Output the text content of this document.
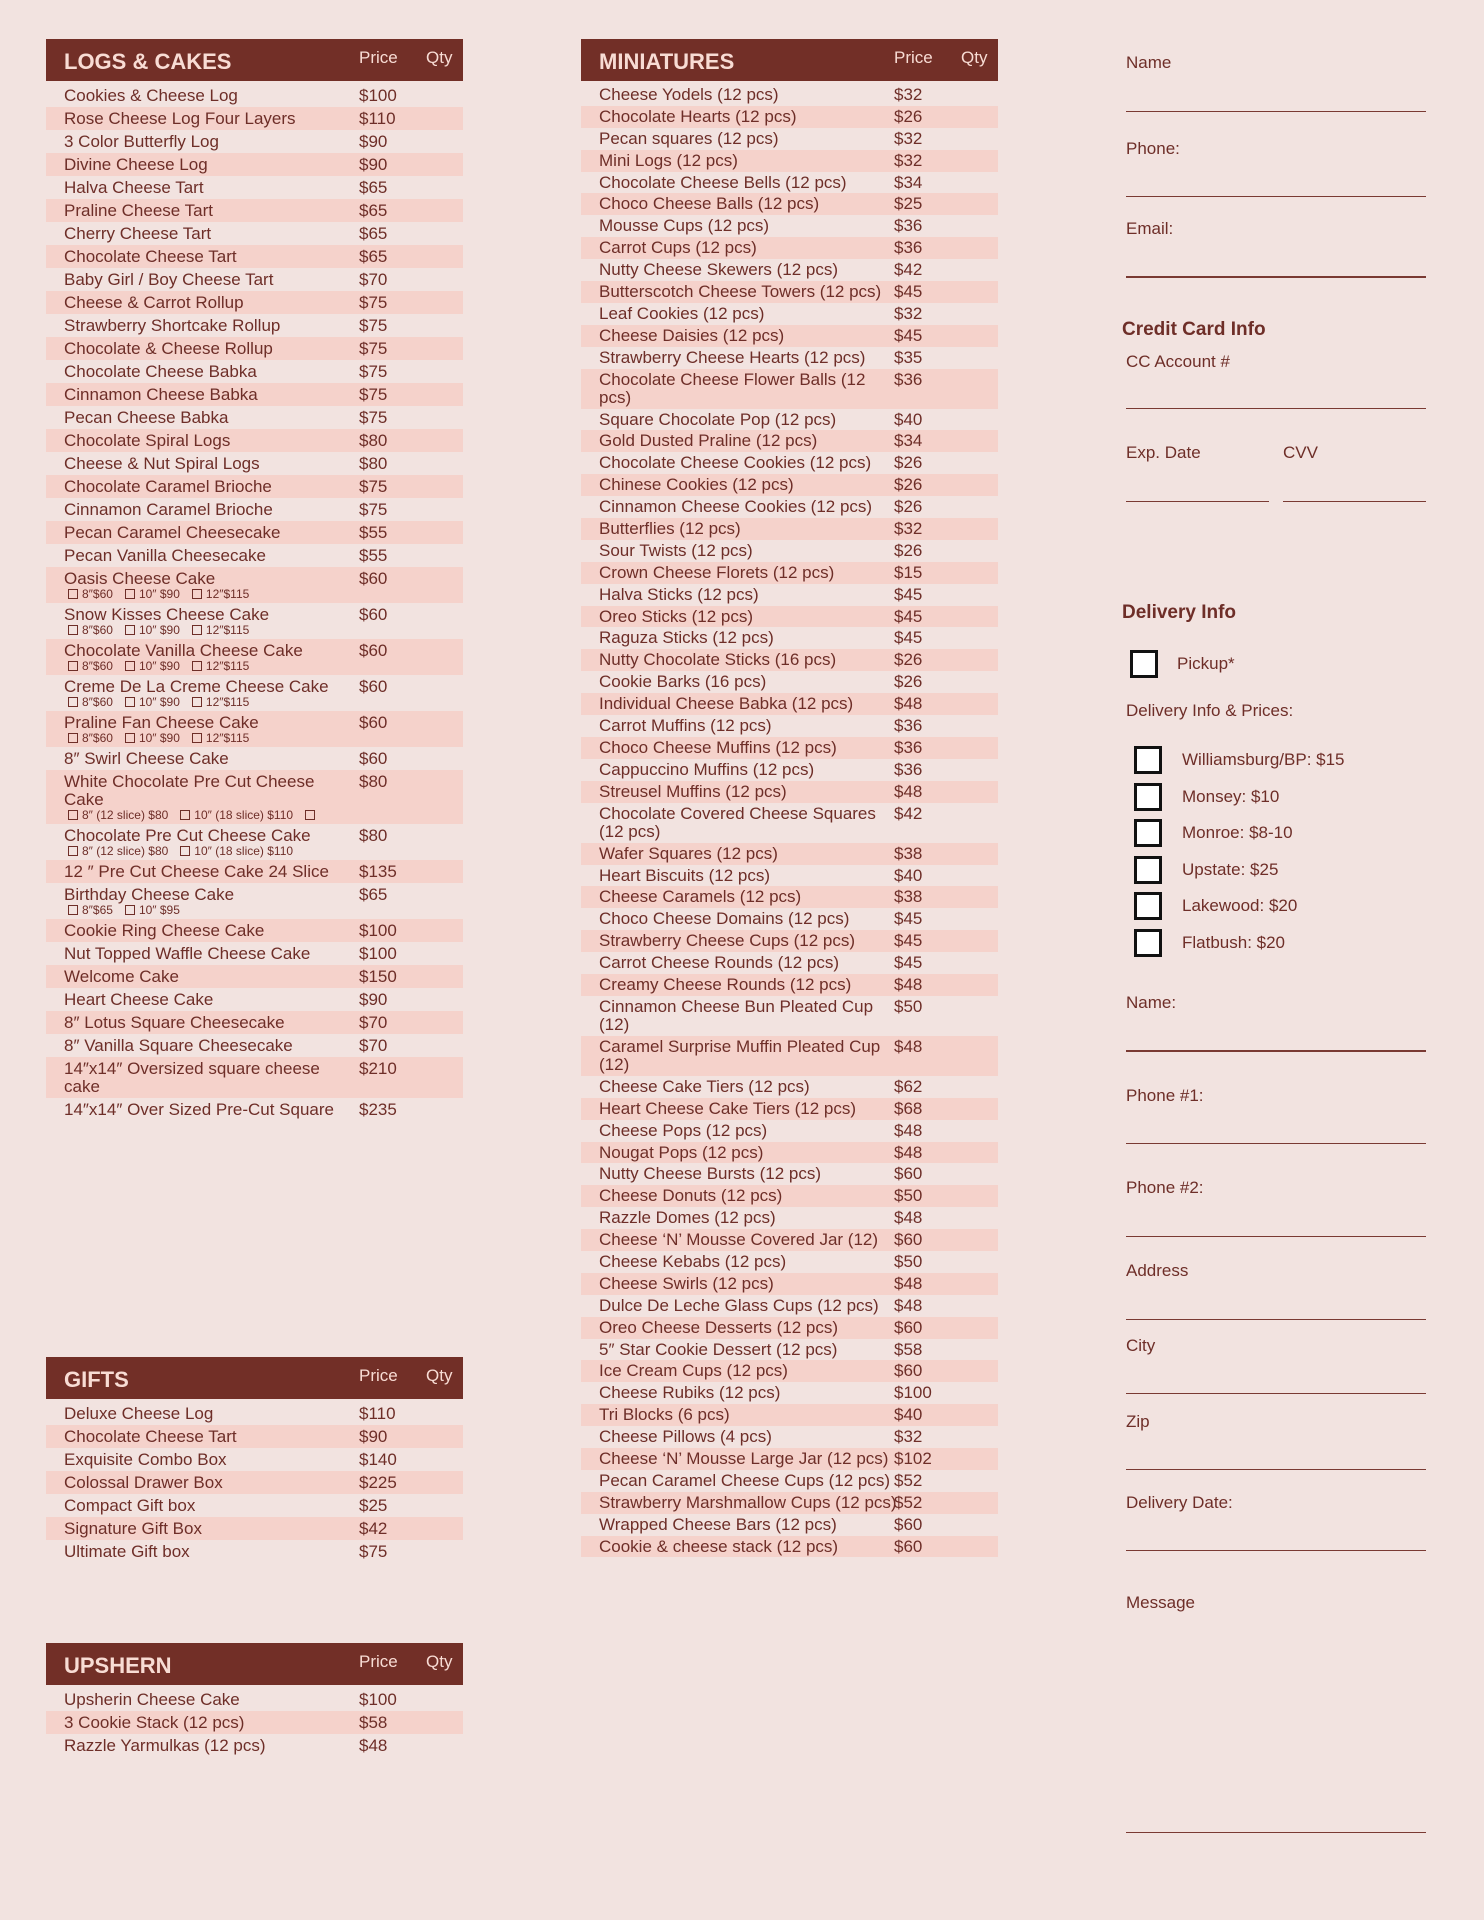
LOGS & CAKES	Price Qty
Cookies & Cheese Log	$100
Rose Cheese Log Four Layers	$110
3 Color Butterfly Log	$90
Divine Cheese Log	$90
Halva Cheese Tart	$65
Praline Cheese Tart	$65
Cherry Cheese Tart	$65
Chocolate Cheese Tart	$65
Baby Girl / Boy Cheese Tart	$70
Cheese & Carrot Rollup	$75
Strawberry Shortcake Rollup	$75
Chocolate & Cheese Rollup	$75
Chocolate Cheese Babka	$75
Cinnamon Cheese Babka	$75
Pecan Cheese Babka	$75
Chocolate Spiral Logs	$80
Cheese & Nut Spiral Logs	$80
Chocolate Caramel Brioche	$75
Cinnamon Caramel Brioche	$75
Pecan Caramel Cheesecake	$55
Pecan Vanilla Cheesecake	$55
Oasis Cheese Cake	$60
8″$60 10″ $90 12″$115
Snow Kisses Cheese Cake	$60
8″$60 10″ $90 12″$115
Chocolate Vanilla Cheese Cake	$60
8″$60 10″ $90 12″$115
Creme De La Creme Cheese Cake	$60
8″$60 10″ $90 12″$115
Praline Fan Cheese Cake	$60
8″$60 10″ $90 12″$115
8″ Swirl Cheese Cake	$60
White Chocolate Pre Cut Cheese Cake
$80
8″ (12 slice) $80 10″ (18 slice) $110
Chocolate Pre Cut Cheese Cake	$80
8″ (12 slice) $80 10″ (18 slice) $110
12 ″ Pre Cut Cheese Cake 24 Slice	$135
Birthday Cheese Cake	$65
8″$65 10″ $95
Cookie Ring Cheese Cake	$100
Nut Topped Waffle Cheese Cake	$100
Welcome Cake	$150
Heart Cheese Cake	$90
8″ Lotus Square Cheesecake	$70
8″ Vanilla Square Cheesecake	$70
14″x14″ Oversized square cheese cake
$210
14″x14″ Over Sized Pre-Cut Square	$235
GIFTS	Price Qty
Deluxe Cheese Log	$110
Chocolate Cheese Tart	$90
Exquisite Combo Box	$140
Colossal Drawer Box	$225
Compact Gift box	$25
Signature Gift Box	$42
Ultimate Gift box	$75
UPSHERN	Price Qty
Upsherin Cheese Cake	$100
3 Cookie Stack (12 pcs)	$58
Razzle Yarmulkas (12 pcs)	$48
MINIATURES	Price Qty
Cheese Yodels (12 pcs)	$32
Chocolate Hearts (12 pcs)	$26
Pecan squares (12 pcs)	$32
Mini Logs (12 pcs)	$32
Chocolate Cheese Bells (12 pcs)	$34
Choco Cheese Balls (12 pcs)	$25
Mousse Cups (12 pcs)	$36
Carrot Cups (12 pcs)	$36
Nutty Cheese Skewers (12 pcs)	$42
Butterscotch Cheese Towers (12 pcs) $45
Leaf Cookies (12 pcs)	$32
Cheese Daisies (12 pcs)	$45
Strawberry Cheese Hearts (12 pcs)	$35
Chocolate Cheese Flower Balls (12 pcs)
$36
Square Chocolate Pop (12 pcs)	$40
Gold Dusted Praline (12 pcs)	$34
Chocolate Cheese Cookies (12 pcs)	$26
Chinese Cookies (12 pcs)	$26
Cinnamon Cheese Cookies (12 pcs)	$26
Butterflies (12 pcs)	$32
Sour Twists (12 pcs)	$26
Crown Cheese Florets (12 pcs)	$15
Halva Sticks (12 pcs)	$45
Oreo Sticks (12 pcs)	$45
Raguza Sticks (12 pcs)	$45
Nutty Chocolate Sticks (16 pcs)	$26
Cookie Barks (16 pcs)	$26
Individual Cheese Babka (12 pcs)	$48
Carrot Muffins (12 pcs)	$36
Choco Cheese Muffins (12 pcs)	$36
Cappuccino Muffins (12 pcs)	$36
Streusel Muffins (12 pcs)	$48
Chocolate Covered Cheese Squares (12 pcs)
$42
Wafer Squares (12 pcs)	$38
Heart Biscuits (12 pcs)	$40
Cheese Caramels (12 pcs)	$38
Choco Cheese Domains (12 pcs)	$45
Strawberry Cheese Cups (12 pcs)	$45
Carrot Cheese Rounds (12 pcs)	$45
Creamy Cheese Rounds (12 pcs)	$48
Cinnamon Cheese Bun Pleated Cup (12)
$50
Caramel Surprise Muffin Pleated Cup (12)
$48
Cheese Cake Tiers (12 pcs)	$62
Heart Cheese Cake Tiers (12 pcs)	$68
Cheese Pops (12 pcs)	$48
Nougat Pops (12 pcs)	$48
Nutty Cheese Bursts (12 pcs)	$60
Cheese Donuts (12 pcs)	$50
Razzle Domes (12 pcs)	$48
Cheese ‘N’ Mousse Covered Jar (12) $60
Cheese Kebabs (12 pcs)	$50
Cheese Swirls (12 pcs)	$48
Dulce De Leche Glass Cups (12 pcs) $48
Oreo Cheese Desserts (12 pcs)	$60
5″ Star Cookie Dessert (12 pcs)	$58
Ice Cream Cups (12 pcs)	$60
Cheese Rubiks (12 pcs)	$100
Tri Blocks (6 pcs)	$40
Cheese Pillows (4 pcs)	$32
Cheese ‘N’ Mousse Large Jar (12 pcs) $102
Pecan Caramel Cheese Cups (12 pcs) $52
Strawberry Marshmallow Cups (12 pcs)
$52
Wrapped Cheese Bars (12 pcs)	$60
Cookie & cheese stack (12 pcs)	$60
Name
Phone:
Email:
Credit Card Info
CC Account #
Exp. Date	CVV
Delivery Info
Pickup*
Delivery Info & Prices:
Williamsburg/BP: $15
Monsey: $10
Monroe: $8-10
Upstate: $25
Lakewood: $20
Flatbush: $20
Name:
Phone #1:
Phone #2:
Address
City
Zip
Delivery Date:
Message
